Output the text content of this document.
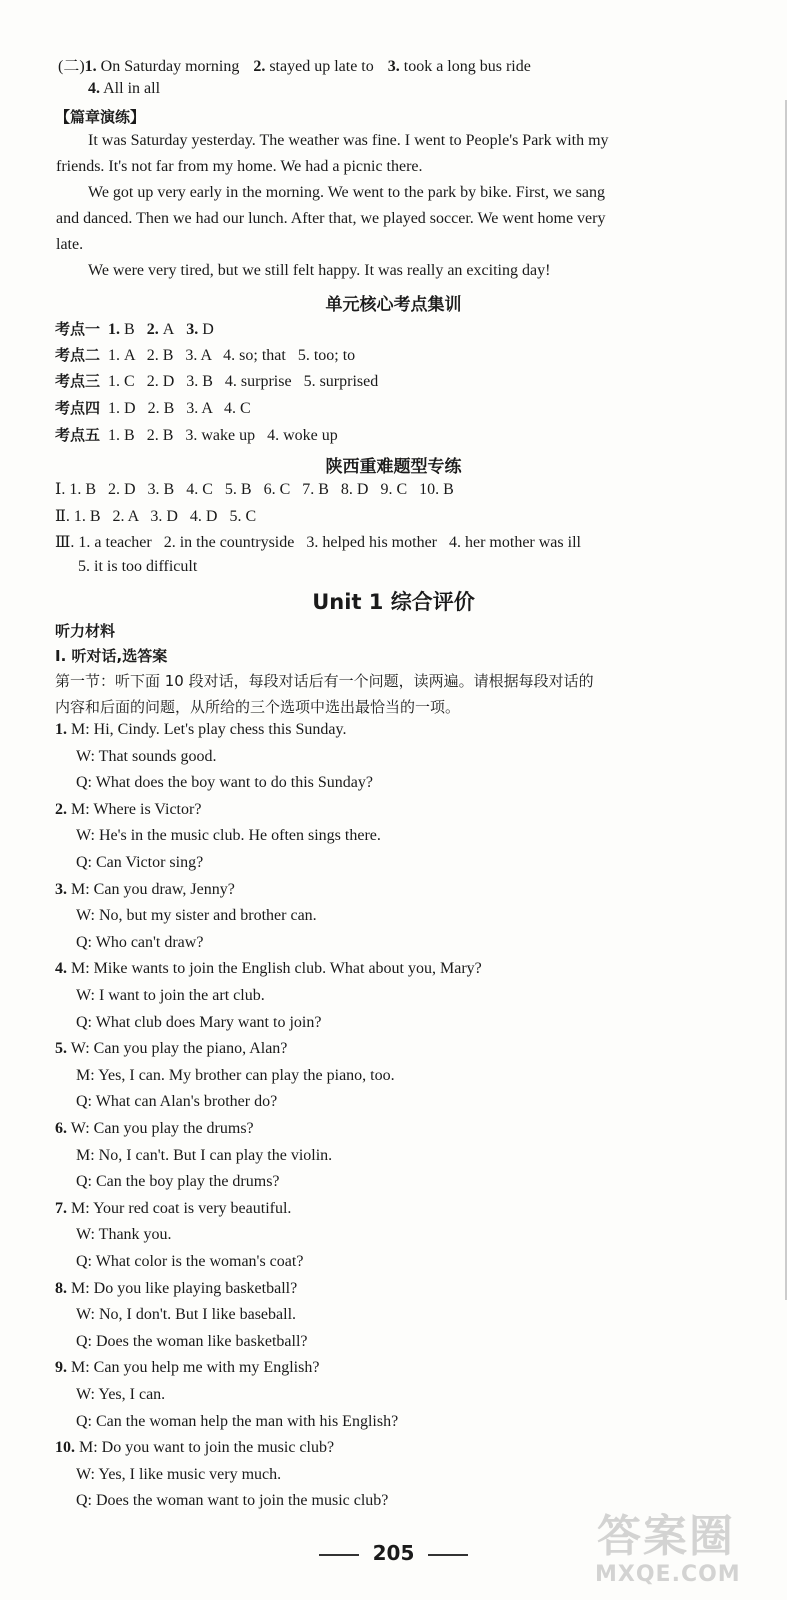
(二)1. On Saturday morning 2. stayed up late to 3. took a long bus ride
4. All in all
【篇章演练】
It was Saturday yesterday. The weather was fine. I went to People's Park with my
friends. It's not far from my home. We had a picnic there.
We got up very early in the morning. We went to the park by bike. First, we sang
and danced. Then we had our lunch. After that, we played soccer. We went home very
late.
We were very tired, but we still felt happy. It was really an exciting day!
单元核心考点集训
考点一 1. B 2. A 3. D
考点二 1. A   2. B   3. A   4. so; that   5. too; to
考点三 1. C   2. D   3. B   4. surprise   5. surprised
考点四 1. D   2. B   3. A   4. C
考点五 1. B   2. B   3. wake up   4. woke up
陕西重难题型专练
Ⅰ. 1. B   2. D   3. B   4. C   5. B   6. C   7. B   8. D   9. C   10. B
Ⅱ. 1. B   2. A   3. D   4. D   5. C
Ⅲ. 1. a teacher   2. in the countryside   3. helped his mother   4. her mother was ill
5. it is too difficult
Unit 1 综合评价
听力材料
Ⅰ. 听对话,选答案
第一节：听下面 10 段对话，每段对话后有一个问题，读两遍。请根据每段对话的
内容和后面的问题，从所给的三个选项中选出最恰当的一项。
1. M: Hi, Cindy. Let's play chess this Sunday.
W: That sounds good.
Q: What does the boy want to do this Sunday?
2. M: Where is Victor?
W: He's in the music club. He often sings there.
Q: Can Victor sing?
3. M: Can you draw, Jenny?
W: No, but my sister and brother can.
Q: Who can't draw?
4. M: Mike wants to join the English club. What about you, Mary?
W: I want to join the art club.
Q: What club does Mary want to join?
5. W: Can you play the piano, Alan?
M: Yes, I can. My brother can play the piano, too.
Q: What can Alan's brother do?
6. W: Can you play the drums?
M: No, I can't. But I can play the violin.
Q: Can the boy play the drums?
7. M: Your red coat is very beautiful.
W: Thank you.
Q: What color is the woman's coat?
8. M: Do you like playing basketball?
W: No, I don't. But I like baseball.
Q: Does the woman like basketball?
9. M: Can you help me with my English?
W: Yes, I can.
Q: Can the woman help the man with his English?
10. M: Do you want to join the music club?
W: Yes, I like music very much.
Q: Does the woman want to join the music club?
205	答案圈
MXQE.COM
